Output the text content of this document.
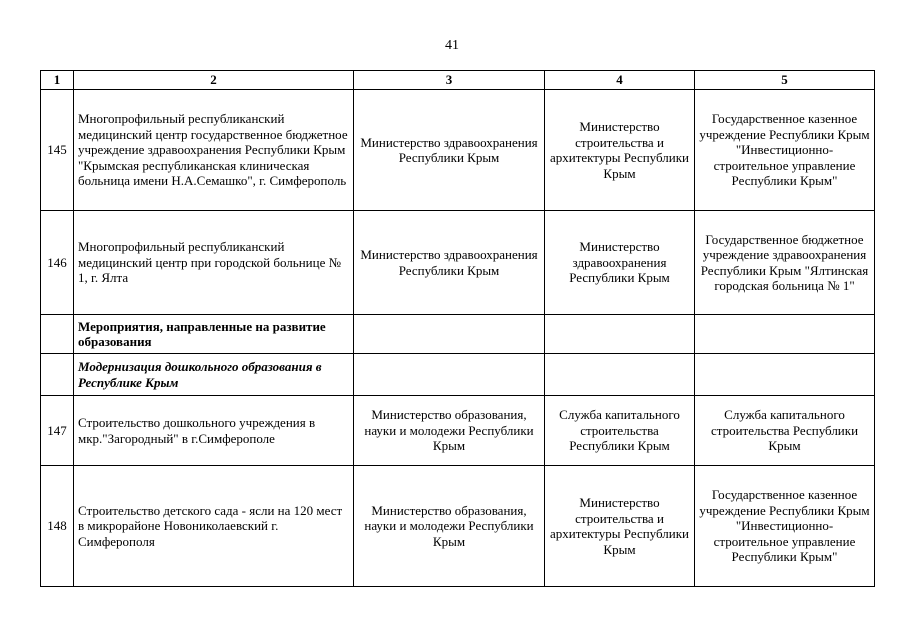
41
1	2	3	4	5
145	Многопрофильный республиканский медицинский центр государственное бюджетное учреждение здравоохранения Республики Крым "Крымская республиканская клиническая больница имени Н.А.Семашко", г. Симферополь	Министерство здравоохранения Республики Крым	Министерство строительства и архитектуры Республики Крым	Государственное казенное учреждение Республики Крым "Инвестиционно-строительное управление Республики Крым"
146	Многопрофильный республиканский медицинский центр при городской больнице № 1, г. Ялта	Министерство здравоохранения Республики Крым	Министерство здравоохранения Республики Крым	Государственное бюджетное учреждение здравоохранения Республики Крым "Ялтинская городская больница № 1"
	Мероприятия, направленные на развитие образования			
	Модернизация дошкольного образования в Республике Крым			
147	Строительство дошкольного учреждения в мкр."Загородный" в г.Симферополе	Министерство образования, науки и молодежи Республики Крым	Служба капитального строительства Республики Крым	Служба капитального строительства Республики Крым
148	Строительство детского сада - ясли на 120 мест в микрорайоне Новониколаевский г. Симферополя	Министерство образования, науки и молодежи Республики Крым	Министерство строительства и архитектуры Республики Крым	Государственное казенное учреждение Республики Крым "Инвестиционно-строительное управление Республики Крым"
